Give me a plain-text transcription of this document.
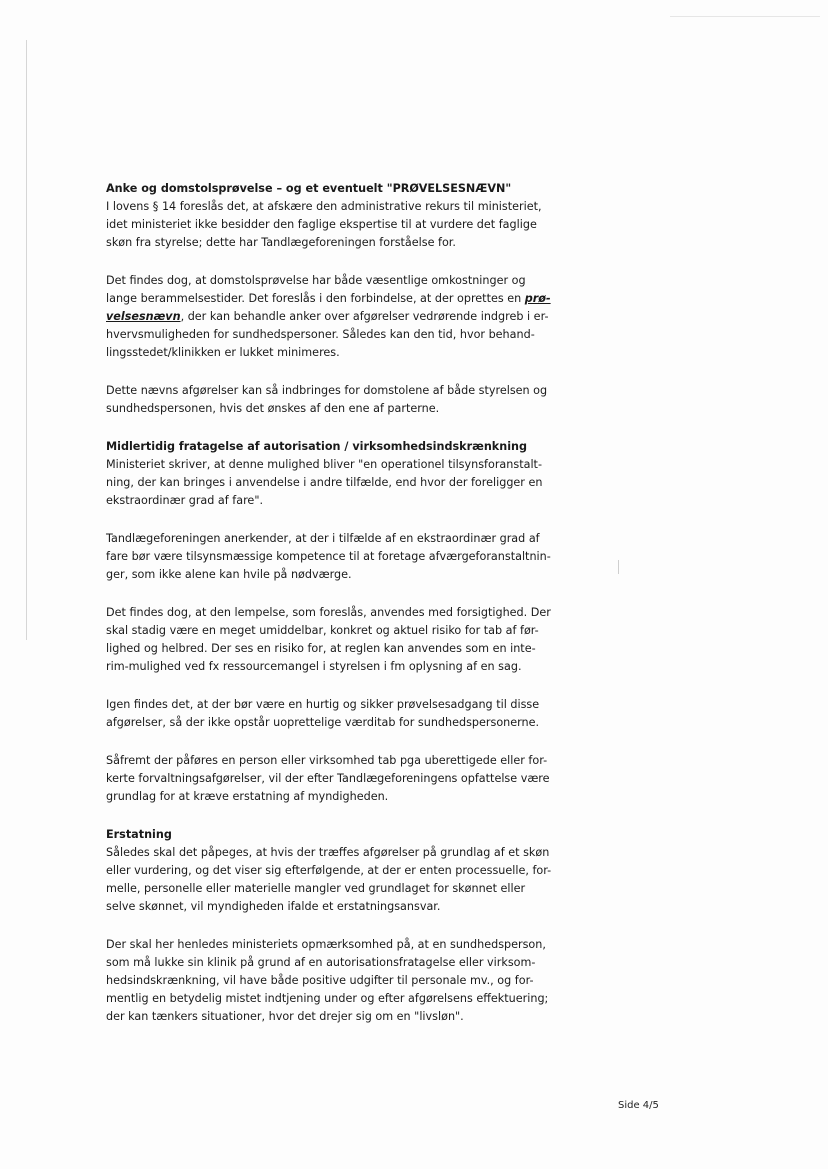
Anke og domstolsprøvelse – og et eventuelt "PRØVELSESNÆVN"

I lovens § 14 foreslås det, at afskære den administrative rekurs til ministeriet,
idet ministeriet ikke besidder den faglige ekspertise til at vurdere det faglige
skøn fra styrelse; dette har Tandlægeforeningen forståelse for.

Det findes dog, at domstolsprøvelse har både væsentlige omkostninger og
lange berammelsestider. Det foreslås i den forbindelse, at der oprettes en prø-
velsesnævn, der kan behandle anker over afgørelser vedrørende indgreb i er-
hvervsmuligheden for sundhedspersoner. Således kan den tid, hvor behand-
lingsstedet/klinikken er lukket minimeres.

Dette nævns afgørelser kan så indbringes for domstolene af både styrelsen og
sundhedspersonen, hvis det ønskes af den ene af parterne.

Midlertidig fratagelse af autorisation / virksomhedsindskrænkning

Ministeriet skriver, at denne mulighed bliver "en operationel tilsynsforanstalt-
ning, der kan bringes i anvendelse i andre tilfælde, end hvor der foreligger en
ekstraordinær grad af fare".

Tandlægeforeningen anerkender, at der i tilfælde af en ekstraordinær grad af
fare bør være tilsynsmæssige kompetence til at foretage afværgeforanstaltnin-
ger, som ikke alene kan hvile på nødværge.

Det findes dog, at den lempelse, som foreslås, anvendes med forsigtighed. Der
skal stadig være en meget umiddelbar, konkret og aktuel risiko for tab af før-
lighed og helbred. Der ses en risiko for, at reglen kan anvendes som en inte-
rim-mulighed ved fx ressourcemangel i styrelsen i fm oplysning af en sag.

Igen findes det, at der bør være en hurtig og sikker prøvelsesadgang til disse
afgørelser, så der ikke opstår uoprettelige værditab for sundhedspersonerne.

Såfremt der påføres en person eller virksomhed tab pga uberettigede eller for-
kerte forvaltningsafgørelser, vil der efter Tandlægeforeningens opfattelse være
grundlag for at kræve erstatning af myndigheden.

Erstatning

Således skal det påpeges, at hvis der træffes afgørelser på grundlag af et skøn
eller vurdering, og det viser sig efterfølgende, at der er enten processuelle, for-
melle, personelle eller materielle mangler ved grundlaget for skønnet eller
selve skønnet, vil myndigheden ifalde et erstatningsansvar.

Der skal her henledes ministeriets opmærksomhed på, at en sundhedsperson,
som må lukke sin klinik på grund af en autorisationsfratagelse eller virksom-
hedsindskrænkning, vil have både positive udgifter til personale mv., og for-
mentlig en betydelig mistet indtjening under og efter afgørelsens effektuering;
der kan tænkers situationer, hvor det drejer sig om en "livsløn".

Side 4/5
